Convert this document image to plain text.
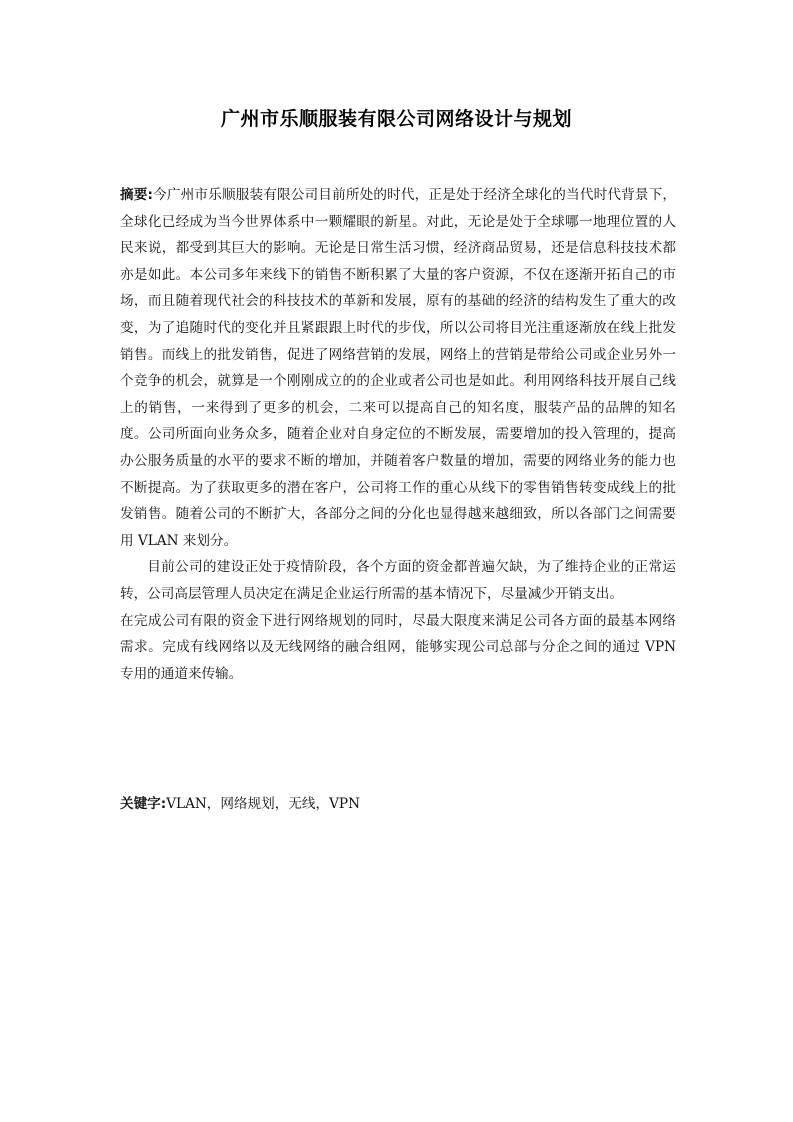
广州市乐顺服装有限公司网络设计与规划

摘要:今广州市乐顺服装有限公司目前所处的时代，正是处于经济全球化的当代时代背景下，全球化已经成为当今世界体系中一颗耀眼的新星。对此，无论是处于全球哪一地理位置的人民来说，都受到其巨大的影响。无论是日常生活习惯，经济商品贸易，还是信息科技技术都亦是如此。本公司多年来线下的销售不断积累了大量的客户资源，不仅在逐渐开拓自己的市场，而且随着现代社会的科技技术的革新和发展，原有的基础的经济的结构发生了重大的改变，为了追随时代的变化并且紧跟跟上时代的步伐，所以公司将目光注重逐渐放在线上批发销售。而线上的批发销售，促进了网络营销的发展，网络上的营销是带给公司或企业另外一个竞争的机会，就算是一个刚刚成立的的企业或者公司也是如此。利用网络科技开展自己线上的销售，一来得到了更多的机会，二来可以提高自己的知名度，服装产品的品牌的知名度。公司所面向业务众多，随着企业对自身定位的不断发展，需要增加的投入管理的，提高办公服务质量的水平的要求不断的增加，并随着客户数量的增加，需要的网络业务的能力也不断提高。为了获取更多的潜在客户，公司将工作的重心从线下的零售销售转变成线上的批发销售。随着公司的不断扩大，各部分之间的分化也显得越来越细致，所以各部门之间需要用 VLAN 来划分。

目前公司的建设正处于疫情阶段，各个方面的资金都普遍欠缺，为了维持企业的正常运转，公司高层管理人员决定在满足企业运行所需的基本情况下，尽量减少开销支出。

在完成公司有限的资金下进行网络规划的同时，尽最大限度来满足公司各方面的最基本网络需求。完成有线网络以及无线网络的融合组网，能够实现公司总部与分企之间的通过 VPN 专用的通道来传输。

关键字:VLAN，网络规划，无线，VPN
